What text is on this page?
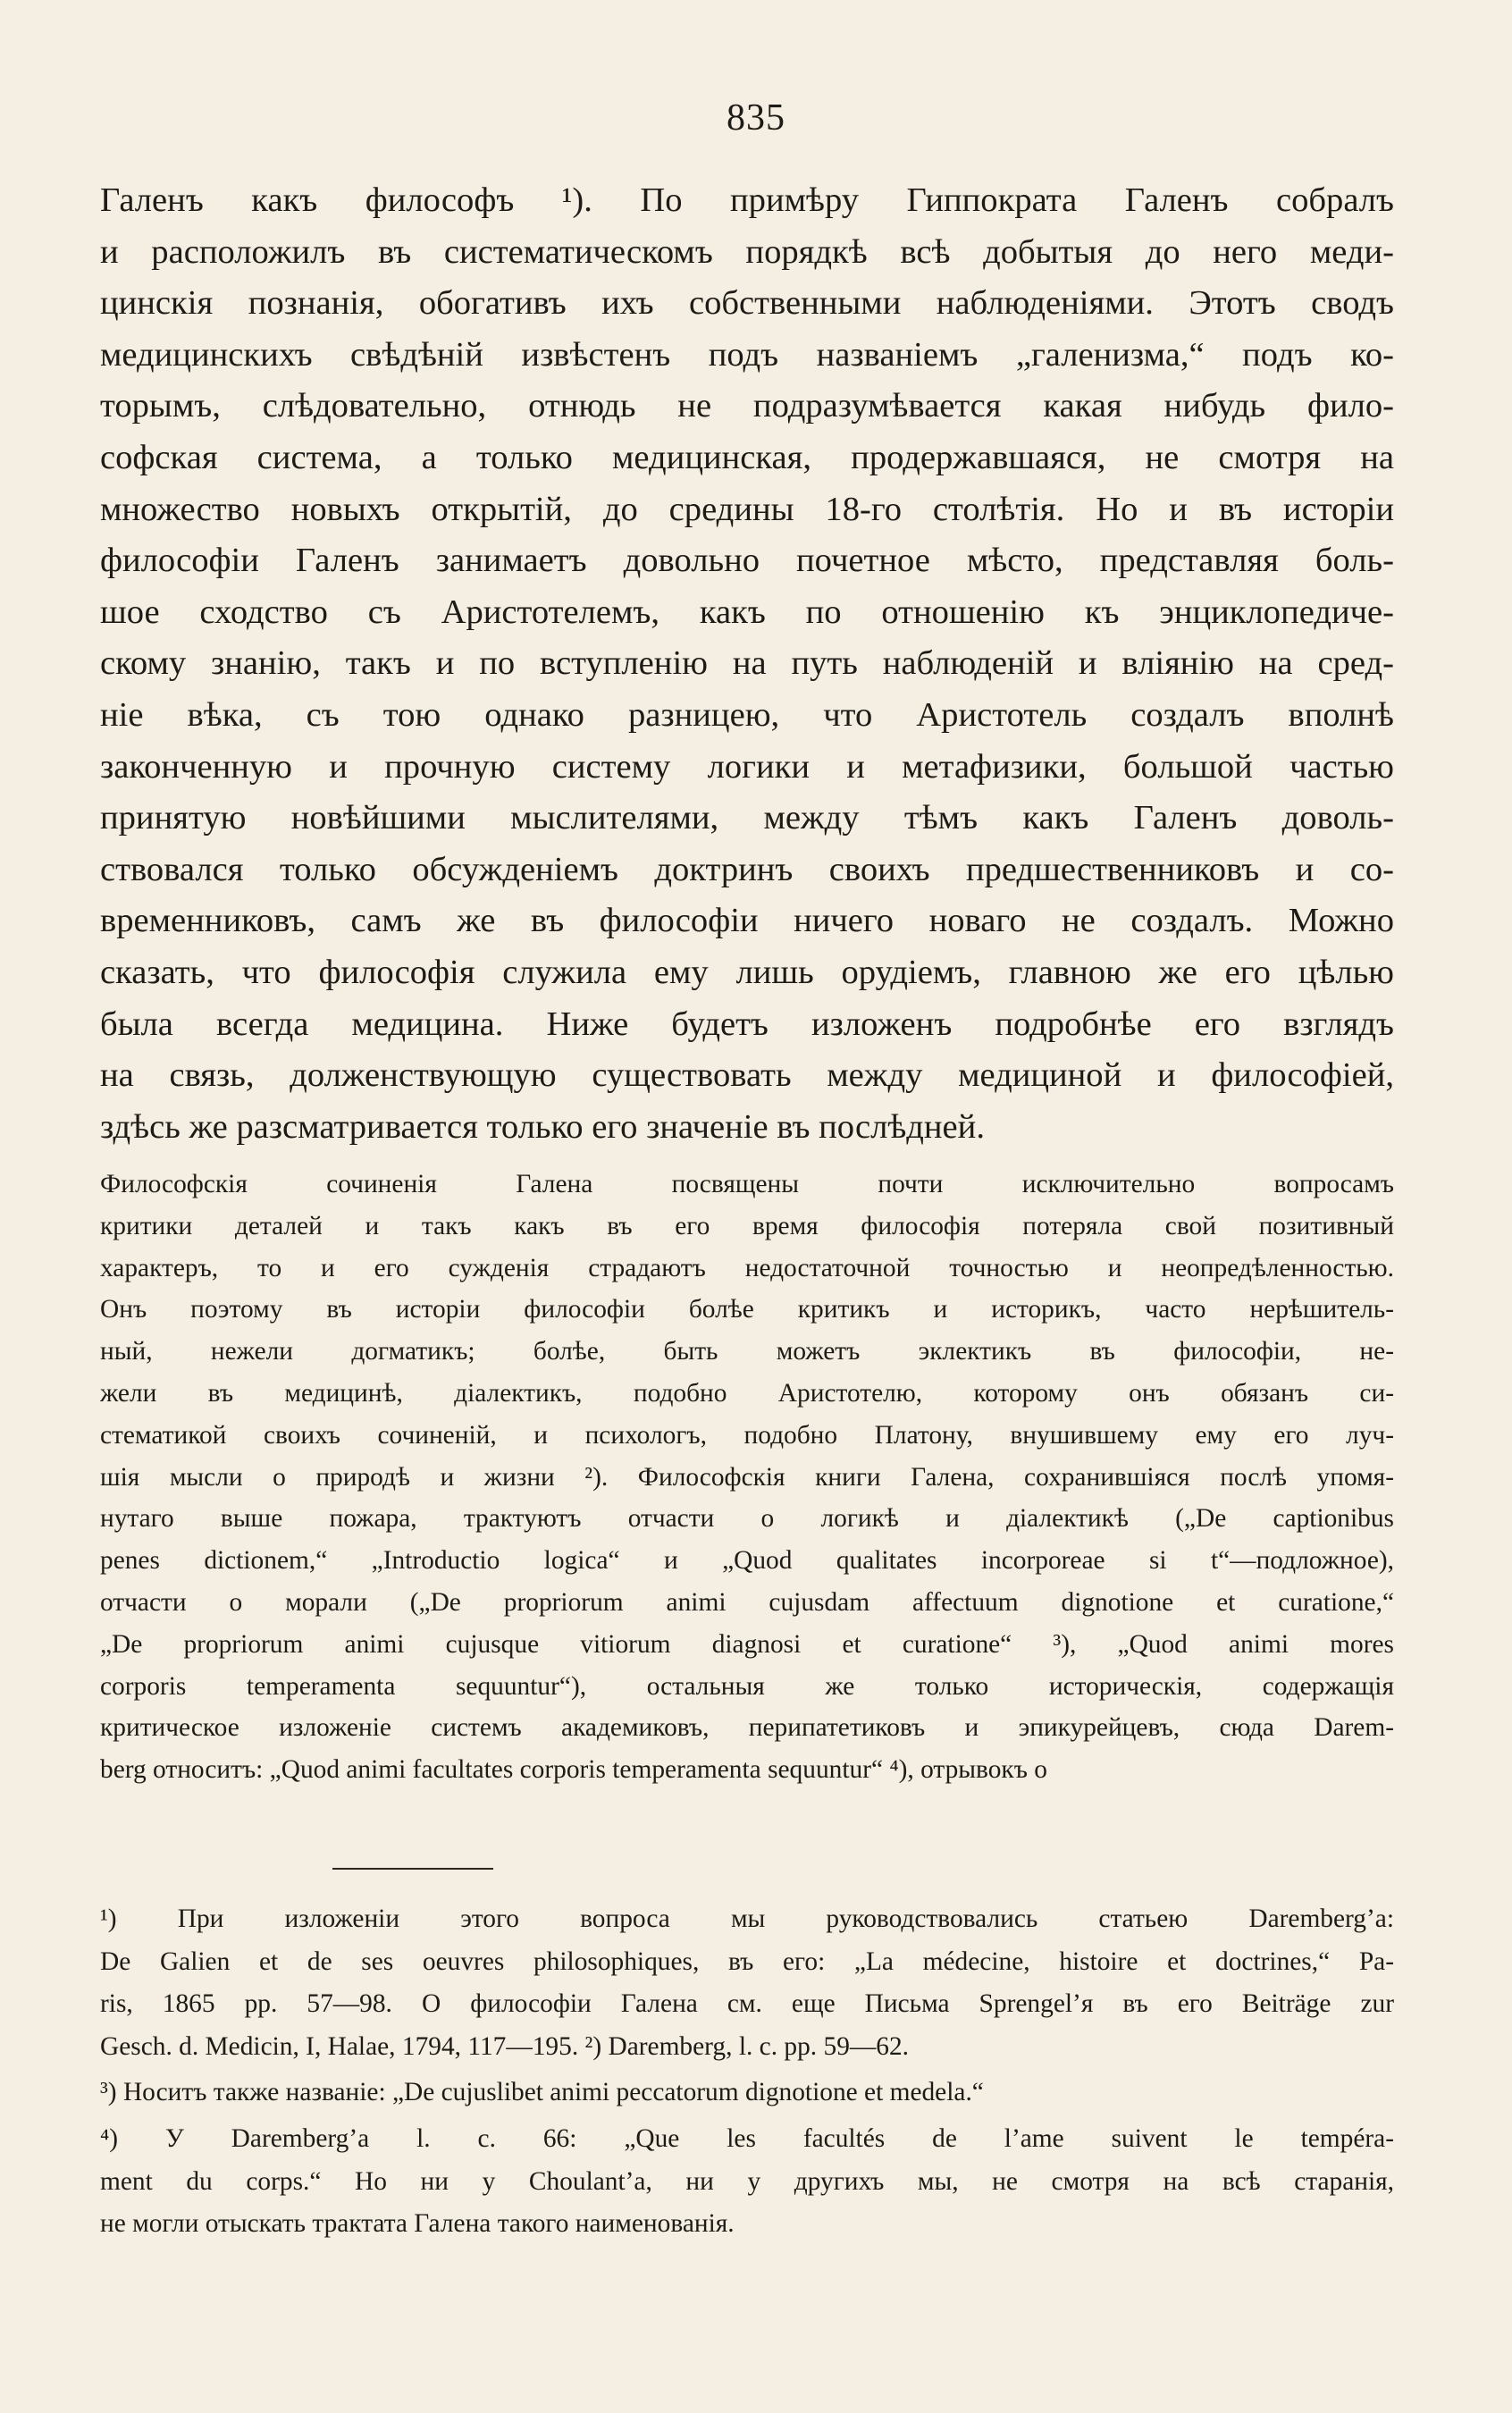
835
Галенъ какъ философъ ¹). По примѣру Гиппократа Галенъ собралъ
и расположилъ въ систематическомъ порядкѣ всѣ добытыя до него меди-
цинскія познанія, обогативъ ихъ собственными наблюденіями. Этотъ сводъ
медицинскихъ свѣдѣній извѣстенъ подъ названіемъ „галенизма,“ подъ ко-
торымъ, слѣдовательно, отнюдь не подразумѣвается какая нибудь фило-
софская система, а только медицинская, продержавшаяся, не смотря на
множество новыхъ открытій, до средины 18-го столѣтія. Но и въ исторіи
философіи Галенъ занимаетъ довольно почетное мѣсто, представляя боль-
шое сходство съ Аристотелемъ, какъ по отношенію къ энциклопедиче-
скому знанію, такъ и по вступленію на путь наблюденій и вліянію на сред-
ніе вѣка, съ тою однако разницею, что Аристотель создалъ вполнѣ
законченную и прочную систему логики и метафизики, большой частью
принятую новѣйшими мыслителями, между тѣмъ какъ Галенъ доволь-
ствовался только обсужденіемъ доктринъ своихъ предшественниковъ и со-
временниковъ, самъ же въ философіи ничего новаго не создалъ. Можно
сказать, что философія служила ему лишь орудіемъ, главною же его цѣлью
была всегда медицина. Ниже будетъ изложенъ подробнѣе его взглядъ
на связь, долженствующую существовать между медициной и философіей,
здѣсь же разсматривается только его значеніе въ послѣдней.
Философскія сочиненія Галена посвящены почти исключительно вопросамъ
критики деталей и такъ какъ въ его время философія потеряла свой позитивный
характеръ, то и его сужденія страдаютъ недостаточной точностью и неопредѣленностью.
Онъ поэтому въ исторіи философіи болѣе критикъ и историкъ, часто нерѣшитель-
ный, нежели догматикъ; болѣе, быть можетъ эклектикъ въ философіи, не-
жели въ медицинѣ, діалектикъ, подобно Аристотелю, которому онъ обязанъ си-
стематикой своихъ сочиненій, и психологъ, подобно Платону, внушившему ему его луч-
шія мысли о природѣ и жизни ²). Философскія книги Галена, сохранившіяся послѣ упомя-
нутаго выше пожара, трактуютъ отчасти о логикѣ и діалектикѣ („De captionibus
penes dictionem,“ „Introductio logica“ и „Quod qualitates incorporeae si t“—подложное),
отчасти о морали („De propriorum animi cujusdam affectuum dignotione et curatione,“
„De propriorum animi cujusque vitiorum diagnosi et curatione“ ³), „Quod animi mores
corporis temperamenta sequuntur“), остальныя же только историческія, содержащія
критическое изложеніе системъ академиковъ, перипатетиковъ и эпикурейцевъ, сюда Darem-
berg относитъ: „Quod animi facultates corporis temperamenta sequuntur“ ⁴), отрывокъ о
¹) При изложеніи этого вопроса мы руководствовались статьею Daremberg’a:
De Galien et de ses oeuvres philosophiques, въ его: „La médecine, histoire et doctrines,“ Pa-
ris, 1865 pp. 57—98. О философіи Галена см. еще Письма Sprengel’я въ его Beiträge zur
Gesch. d. Medicin, I, Halae, 1794, 117—195. ²) Daremberg, l. c. pp. 59—62.
³) Носитъ также названіе: „De cujuslibet animi peccatorum dignotione et medela.“
⁴) У Daremberg’a l. c. 66: „Que les facultés de l’ame suivent le tempéra-
ment du corps.“ Но ни у Choulant’a, ни у другихъ мы, не смотря на всѣ старанія,
не могли отыскать трактата Галена такого наименованія.
